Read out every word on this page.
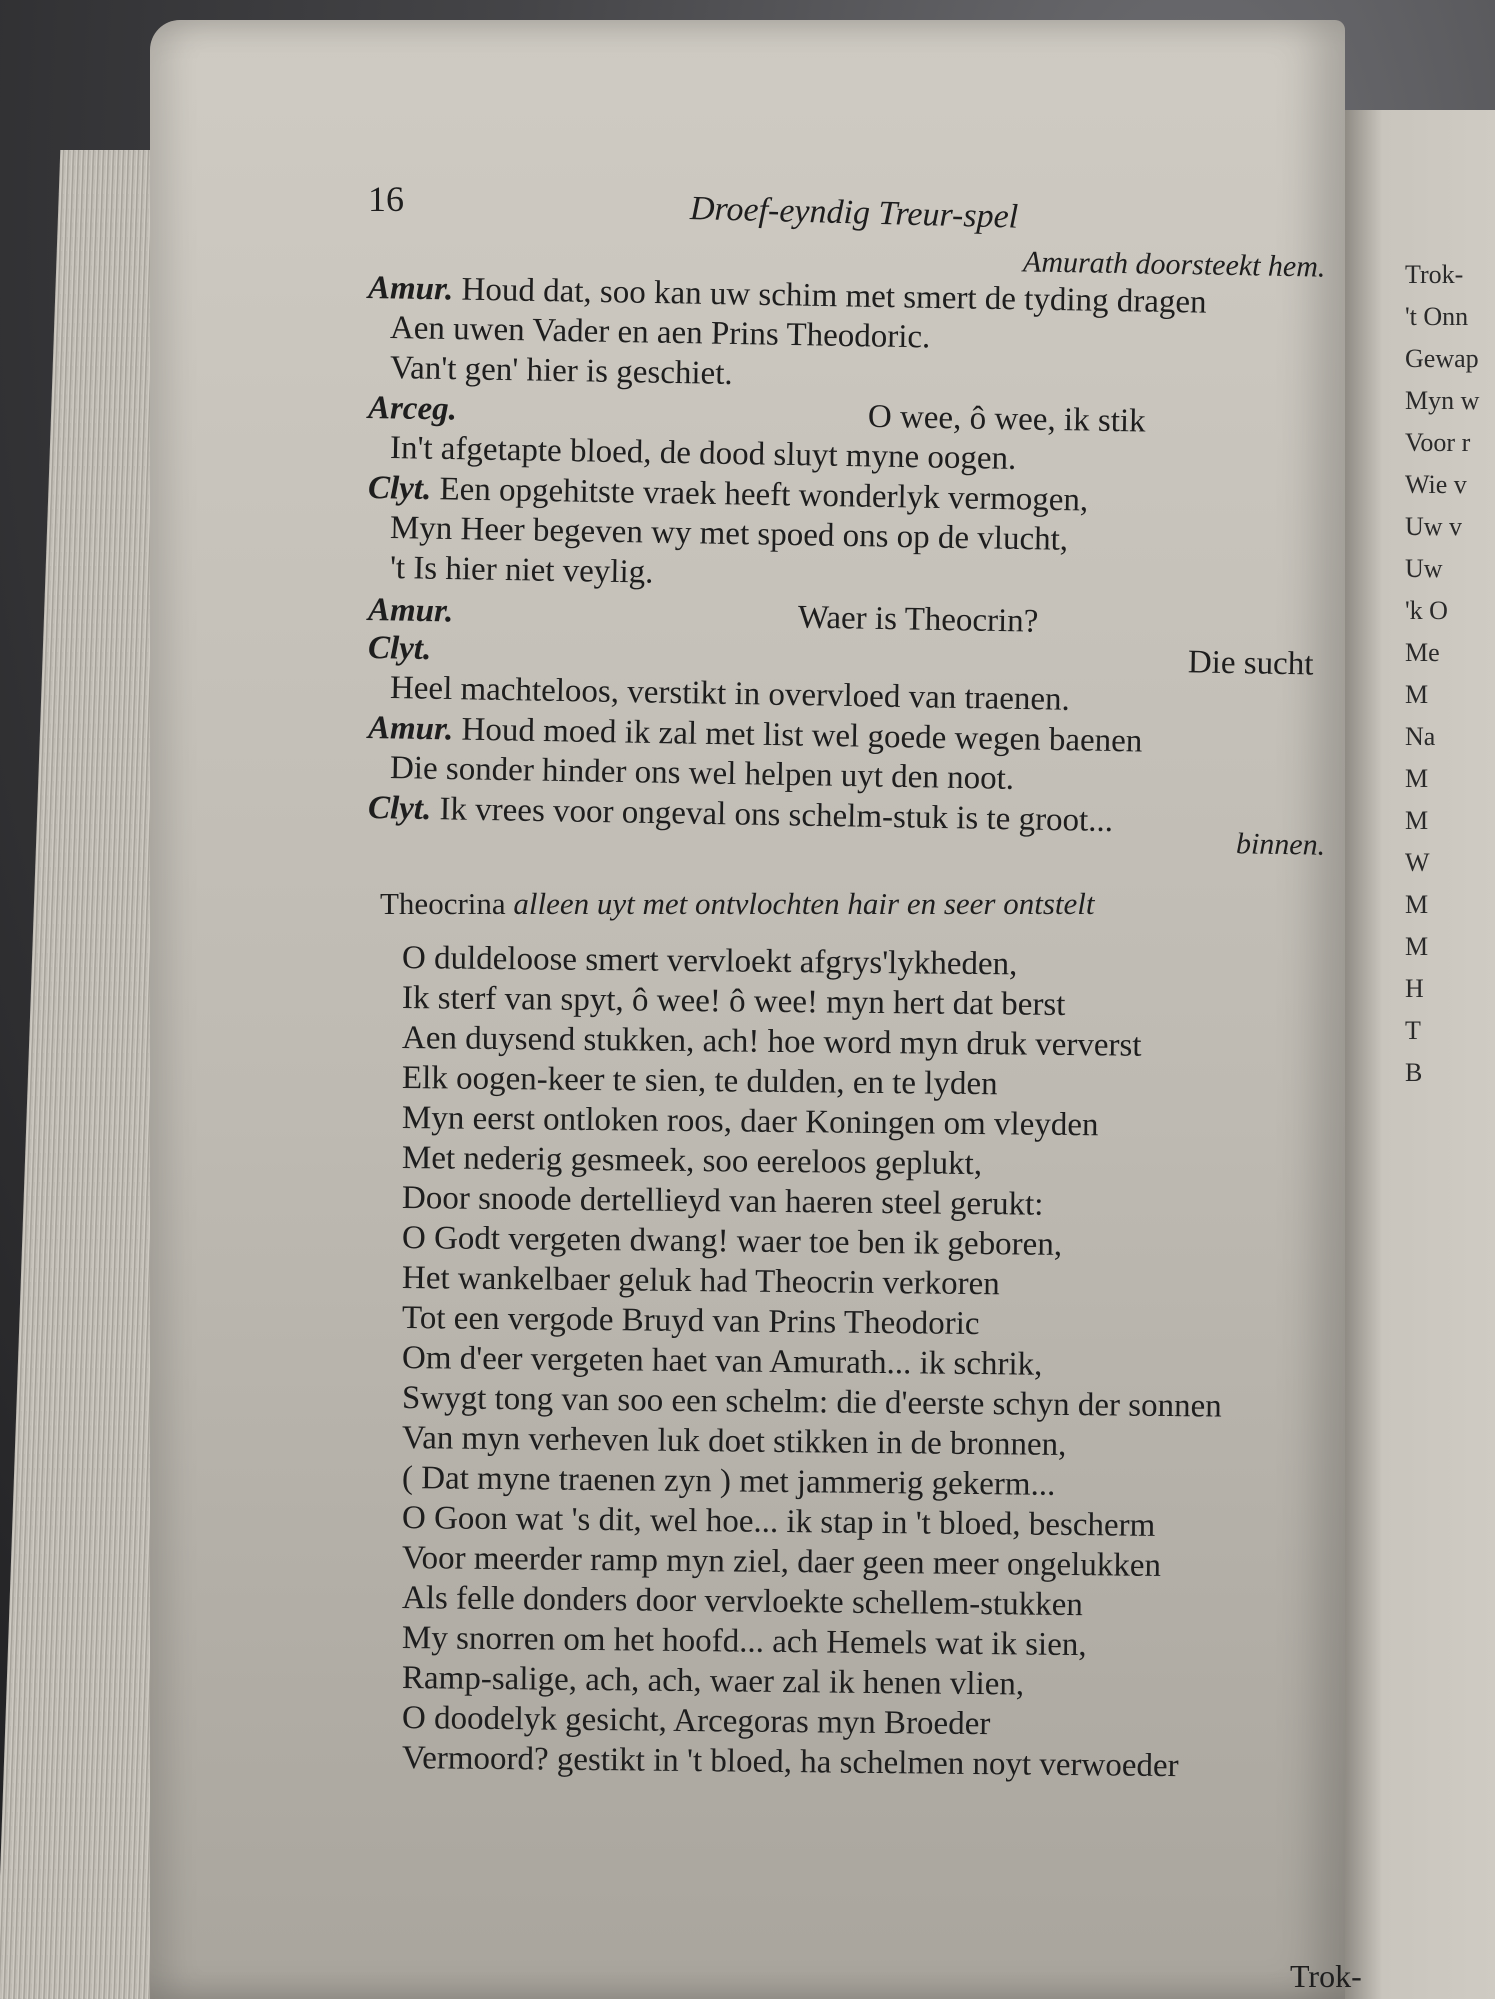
Trok-
't Onn
Gewap
Myn w
Voor r
Wie v
Uw v
Uw
'k O
Me
M
Na
M
M
W
M
M
H
T
B
16	Droef-eyndig Treur-spel
Amurath doorsteekt hem.
Amur. Houd dat, soo kan uw schim met smert de tyding dragen
Aen uwen Vader en aen Prins Theodoric.
Van't gen' hier is geschiet.
Arceg.	O wee, ô wee, ik stik
In't afgetapte bloed, de dood sluyt myne oogen.
Clyt. Een opgehitste vraek heeft wonderlyk vermogen,
Myn Heer begeven wy met spoed ons op de vlucht,
't Is hier niet veylig.
Amur.	Waer is Theocrin?
Clyt.	Die sucht
Heel machteloos, verstikt in overvloed van traenen.
Amur. Houd moed ik zal met list wel goede wegen baenen
Die sonder hinder ons wel helpen uyt den noot.
Clyt. Ik vrees voor ongeval ons schelm-stuk is te groot...
binnen.
Theocrina alleen uyt met ontvlochten hair en seer ontstelt
O duldeloose smert vervloekt afgrys'lykheden,
Ik sterf van spyt, ô wee! ô wee! myn hert dat berst
Aen duysend stukken, ach! hoe word myn druk ververst
Elk oogen-keer te sien, te dulden, en te lyden
Myn eerst ontloken roos, daer Koningen om vleyden
Met nederig gesmeek, soo eereloos geplukt,
Door snoode dertellieyd van haeren steel gerukt:
O Godt vergeten dwang! waer toe ben ik geboren,
Het wankelbaer geluk had Theocrin verkoren
Tot een vergode Bruyd van Prins Theodoric
Om d'eer vergeten haet van Amurath... ik schrik,
Swygt tong van soo een schelm: die d'eerste schyn der sonnen
Van myn verheven luk doet stikken in de bronnen,
( Dat myne traenen zyn ) met jammerig gekerm...
O Goon wat 's dit, wel hoe... ik stap in 't bloed, bescherm
Voor meerder ramp myn ziel, daer geen meer ongelukken
Als felle donders door vervloekte schellem-stukken
My snorren om het hoofd... ach Hemels wat ik sien,
Ramp-salige, ach, ach, waer zal ik henen vlien,
O doodelyk gesicht, Arcegoras myn Broeder
Vermoord? gestikt in 't bloed, ha schelmen noyt verwoeder
Trok-
